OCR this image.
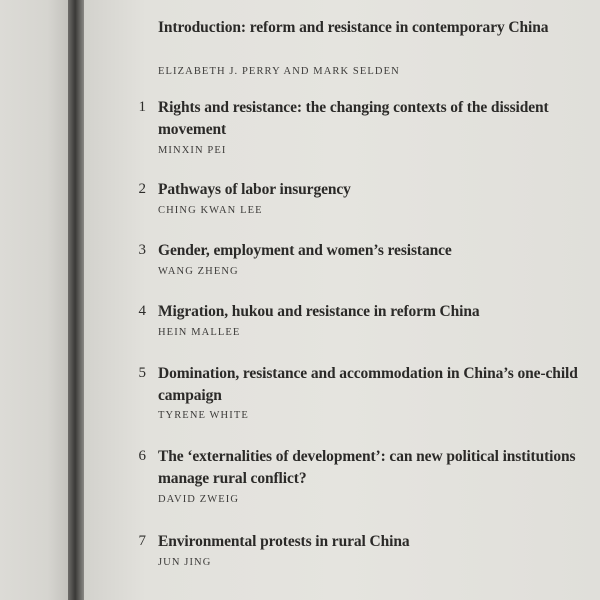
Introduction: reform and resistance in contemporary China
ELIZABETH J. PERRY AND MARK SELDEN
1 Rights and resistance: the changing contexts of the dissident movement
MINXIN PEI
2 Pathways of labor insurgency
CHING KWAN LEE
3 Gender, employment and women’s resistance
WANG ZHENG
4 Migration, hukou and resistance in reform China
HEIN MALLEE
5 Domination, resistance and accommodation in China’s one-child campaign
TYRENE WHITE
6 The ‘externalities of development’: can new political institutions manage rural conflict?
DAVID ZWEIG
7 Environmental protests in rural China
JUN JING
